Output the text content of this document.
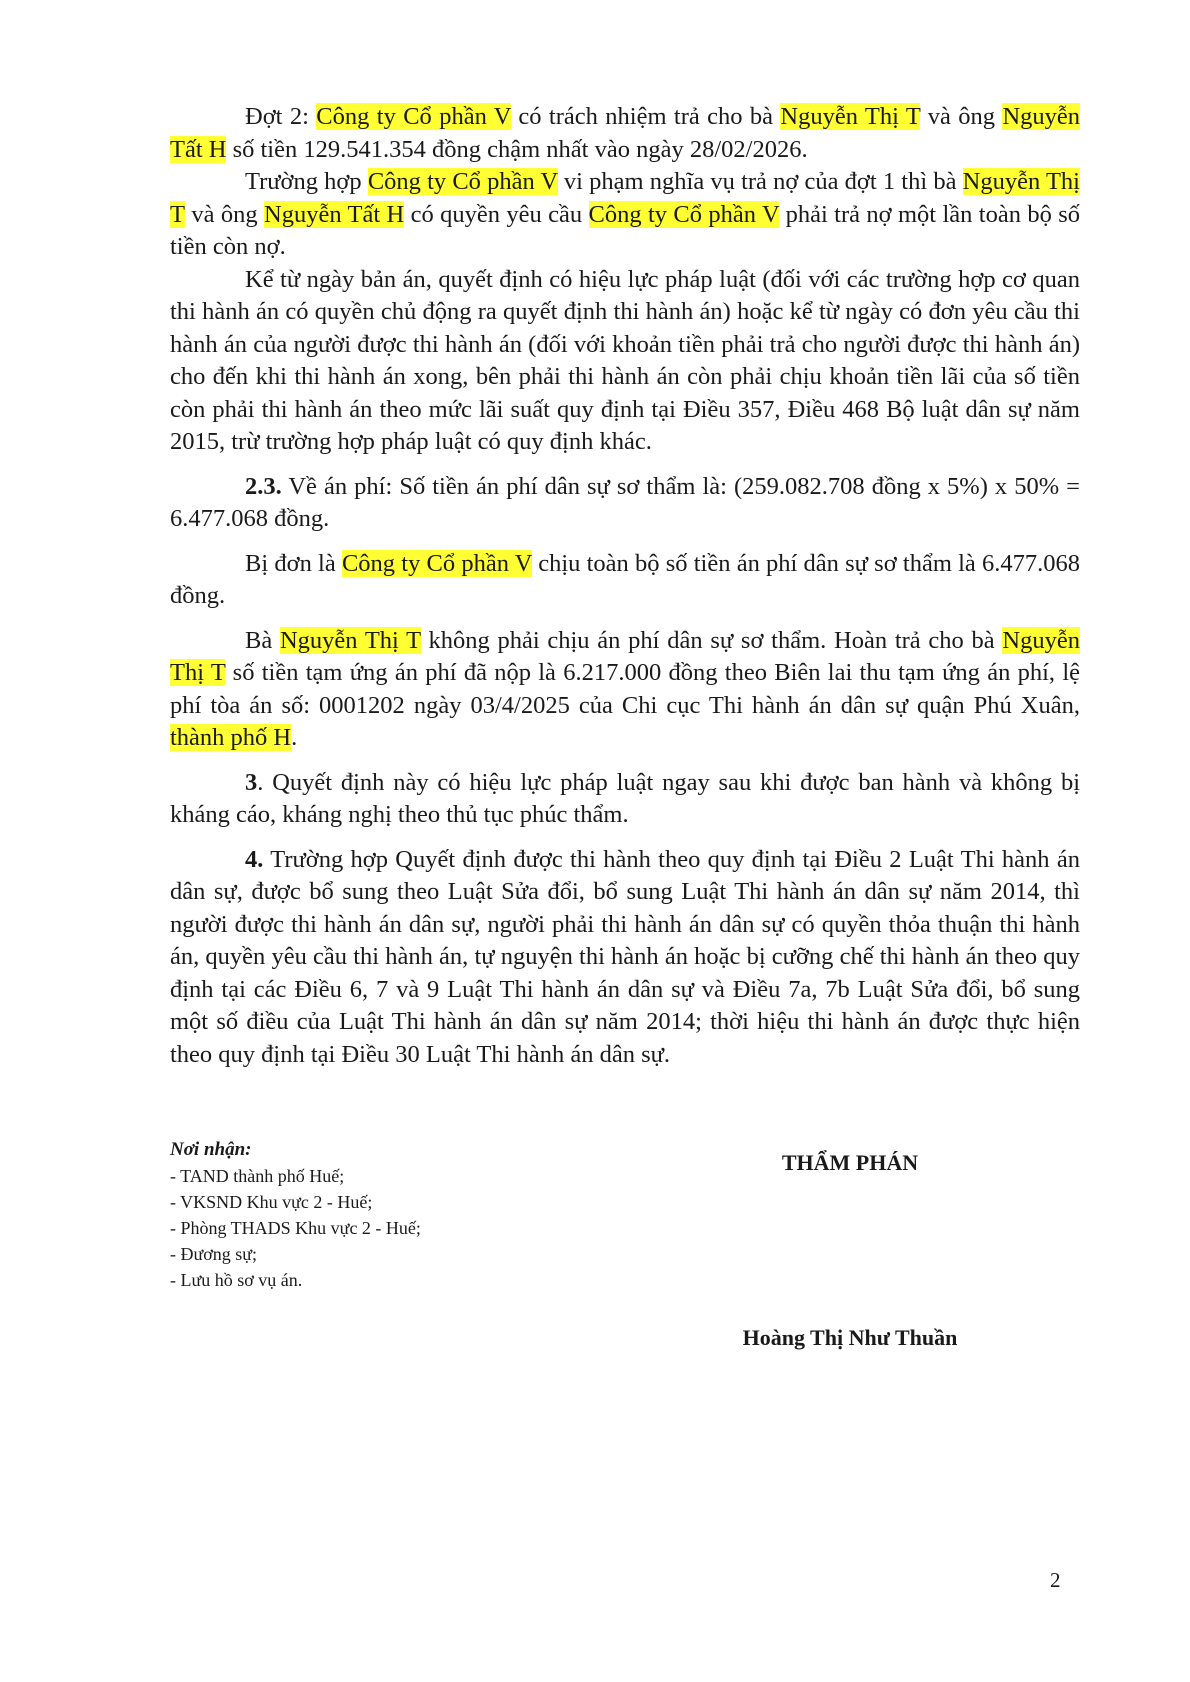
Đợt 2: Công ty Cổ phần V có trách nhiệm trả cho bà Nguyễn Thị T và ông Nguyễn Tất H số tiền 129.541.354 đồng chậm nhất vào ngày 28/02/2026.

Trường hợp Công ty Cổ phần V vi phạm nghĩa vụ trả nợ của đợt 1 thì bà Nguyễn Thị T và ông Nguyễn Tất H có quyền yêu cầu Công ty Cổ phần V phải trả nợ một lần toàn bộ số tiền còn nợ.

Kể từ ngày bản án, quyết định có hiệu lực pháp luật (đối với các trường hợp cơ quan thi hành án có quyền chủ động ra quyết định thi hành án) hoặc kể từ ngày có đơn yêu cầu thi hành án của người được thi hành án (đối với khoản tiền phải trả cho người được thi hành án) cho đến khi thi hành án xong, bên phải thi hành án còn phải chịu khoản tiền lãi của số tiền còn phải thi hành án theo mức lãi suất quy định tại Điều 357, Điều 468 Bộ luật dân sự năm 2015, trừ trường hợp pháp luật có quy định khác.

2.3. Về án phí: Số tiền án phí dân sự sơ thẩm là: (259.082.708 đồng x 5%) x 50% = 6.477.068 đồng.

Bị đơn là Công ty Cổ phần V chịu toàn bộ số tiền án phí dân sự sơ thẩm là 6.477.068 đồng.

Bà Nguyễn Thị T không phải chịu án phí dân sự sơ thẩm. Hoàn trả cho bà Nguyễn Thị T số tiền tạm ứng án phí đã nộp là 6.217.000 đồng theo Biên lai thu tạm ứng án phí, lệ phí tòa án số: 0001202 ngày 03/4/2025 của Chi cục Thi hành án dân sự quận Phú Xuân, thành phố H.

3. Quyết định này có hiệu lực pháp luật ngay sau khi được ban hành và không bị kháng cáo, kháng nghị theo thủ tục phúc thẩm.

4. Trường hợp Quyết định được thi hành theo quy định tại Điều 2 Luật Thi hành án dân sự, được bổ sung theo Luật Sửa đổi, bổ sung Luật Thi hành án dân sự năm 2014, thì người được thi hành án dân sự, người phải thi hành án dân sự có quyền thỏa thuận thi hành án, quyền yêu cầu thi hành án, tự nguyện thi hành án hoặc bị cưỡng chế thi hành án theo quy định tại các Điều 6, 7 và 9 Luật Thi hành án dân sự và Điều 7a, 7b Luật Sửa đổi, bổ sung một số điều của Luật Thi hành án dân sự năm 2014; thời hiệu thi hành án được thực hiện theo quy định tại Điều 30 Luật Thi hành án dân sự.

Nơi nhận:
- TAND thành phố Huế;
- VKSND Khu vực 2 - Huế;
- Phòng THADS Khu vực 2 - Huế;
- Đương sự;
- Lưu hồ sơ vụ án.
THẨM PHÁN
Hoàng Thị Như Thuần
2
